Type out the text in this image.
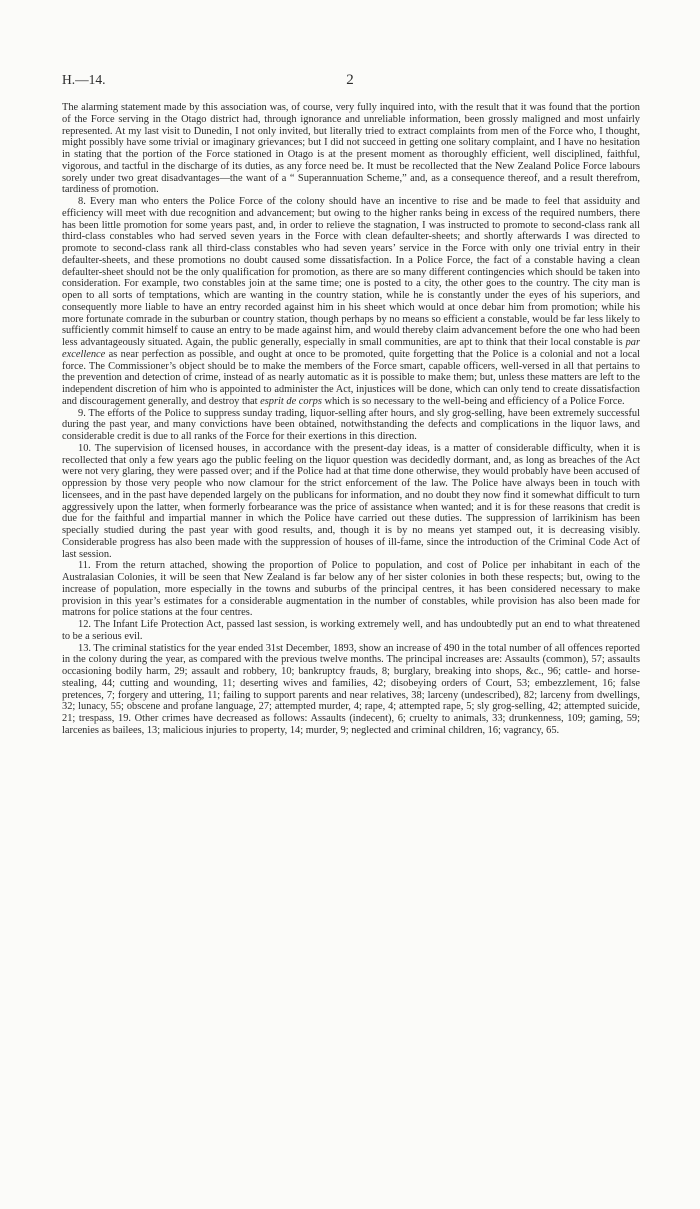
H.—14.	2

The alarming statement made by this association was, of course, very fully inquired into, with the result that it was found that the portion of the Force serving in the Otago district had, through ignorance and unreliable information, been grossly maligned and most unfairly represented. At my last visit to Dunedin, I not only invited, but literally tried to extract complaints from men of the Force who, I thought, might possibly have some trivial or imaginary grievances; but I did not succeed in getting one solitary complaint, and I have no hesitation in stating that the portion of the Force stationed in Otago is at the present moment as thoroughly efficient, well disciplined, faithful, vigorous, and tactful in the discharge of its duties, as any force need be. It must be recollected that the New Zealand Police Force labours sorely under two great disadvantages—the want of a “ Superannuation Scheme,” and, as a consequence thereof, and a result therefrom, tardiness of promotion.

8. Every man who enters the Police Force of the colony should have an incentive to rise and be made to feel that assiduity and efficiency will meet with due recognition and advancement; but owing to the higher ranks being in excess of the required numbers, there has been little promotion for some years past, and, in order to relieve the stagnation, I was instructed to promote to second-class rank all third-class constables who had served seven years in the Force with clean defaulter-sheets; and shortly afterwards I was directed to promote to second-class rank all third-class constables who had seven years’ service in the Force with only one trivial entry in their defaulter-sheets, and these promotions no doubt caused some dissatisfaction. In a Police Force, the fact of a constable having a clean defaulter-sheet should not be the only qualification for promotion, as there are so many different contingencies which should be taken into consideration. For example, two constables join at the same time; one is posted to a city, the other goes to the country. The city man is open to all sorts of temptations, which are wanting in the country station, while he is constantly under the eyes of his superiors, and consequently more liable to have an entry recorded against him in his sheet which would at once debar him from promotion; while his more fortunate comrade in the suburban or country station, though perhaps by no means so efficient a constable, would be far less likely to sufficiently commit himself to cause an entry to be made against him, and would thereby claim advancement before the one who had been less advantageously situated. Again, the public generally, especially in small communities, are apt to think that their local constable is par excellence as near perfection as possible, and ought at once to be promoted, quite forgetting that the Police is a colonial and not a local force. The Commissioner’s object should be to make the members of the Force smart, capable officers, well-versed in all that pertains to the prevention and detection of crime, instead of as nearly automatic as it is possible to make them; but, unless these matters are left to the independent discretion of him who is appointed to administer the Act, injustices will be done, which can only tend to create dissatisfaction and discouragement generally, and destroy that esprit de corps which is so necessary to the well-being and efficiency of a Police Force.

9. The efforts of the Police to suppress sunday trading, liquor-selling after hours, and sly grog-selling, have been extremely successful during the past year, and many convictions have been obtained, notwithstanding the defects and complications in the liquor laws, and considerable credit is due to all ranks of the Force for their exertions in this direction.

10. The supervision of licensed houses, in accordance with the present-day ideas, is a matter of considerable difficulty, when it is recollected that only a few years ago the public feeling on the liquor question was decidedly dormant, and, as long as breaches of the Act were not very glaring, they were passed over; and if the Police had at that time done otherwise, they would probably have been accused of oppression by those very people who now clamour for the strict enforcement of the law. The Police have always been in touch with licensees, and in the past have depended largely on the publicans for information, and no doubt they now find it somewhat difficult to turn aggressively upon the latter, when formerly forbearance was the price of assistance when wanted; and it is for these reasons that credit is due for the faithful and impartial manner in which the Police have carried out these duties. The suppression of larrikinism has been specially studied during the past year with good results, and, though it is by no means yet stamped out, it is decreasing visibly. Considerable progress has also been made with the suppression of houses of ill-fame, since the introduction of the Criminal Code Act of last session.

11. From the return attached, showing the proportion of Police to population, and cost of Police per inhabitant in each of the Australasian Colonies, it will be seen that New Zealand is far below any of her sister colonies in both these respects; but, owing to the increase of population, more especially in the towns and suburbs of the principal centres, it has been considered necessary to make provision in this year’s estimates for a considerable augmentation in the number of constables, while provision has also been made for matrons for police stations at the four centres.

12. The Infant Life Protection Act, passed last session, is working extremely well, and has undoubtedly put an end to what threatened to be a serious evil.

13. The criminal statistics for the year ended 31st December, 1893, show an increase of 490 in the total number of all offences reported in the colony during the year, as compared with the previous twelve months. The principal increases are: Assaults (common), 57; assaults occasioning bodily harm, 29; assault and robbery, 10; bankruptcy frauds, 8; burglary, breaking into shops, &c., 96; cattle- and horse-stealing, 44; cutting and wounding, 11; deserting wives and families, 42; disobeying orders of Court, 53; embezzlement, 16; false pretences, 7; forgery and uttering, 11; failing to support parents and near relatives, 38; larceny (undescribed), 82; larceny from dwellings, 32; lunacy, 55; obscene and profane language, 27; attempted murder, 4; rape, 4; attempted rape, 5; sly grog-selling, 42; attempted suicide, 21; trespass, 19. Other crimes have decreased as follows: Assaults (indecent), 6; cruelty to animals, 33; drunkenness, 109; gaming, 59; larcenies as bailees, 13; malicious injuries to property, 14; murder, 9; neglected and criminal children, 16; vagrancy, 65.
